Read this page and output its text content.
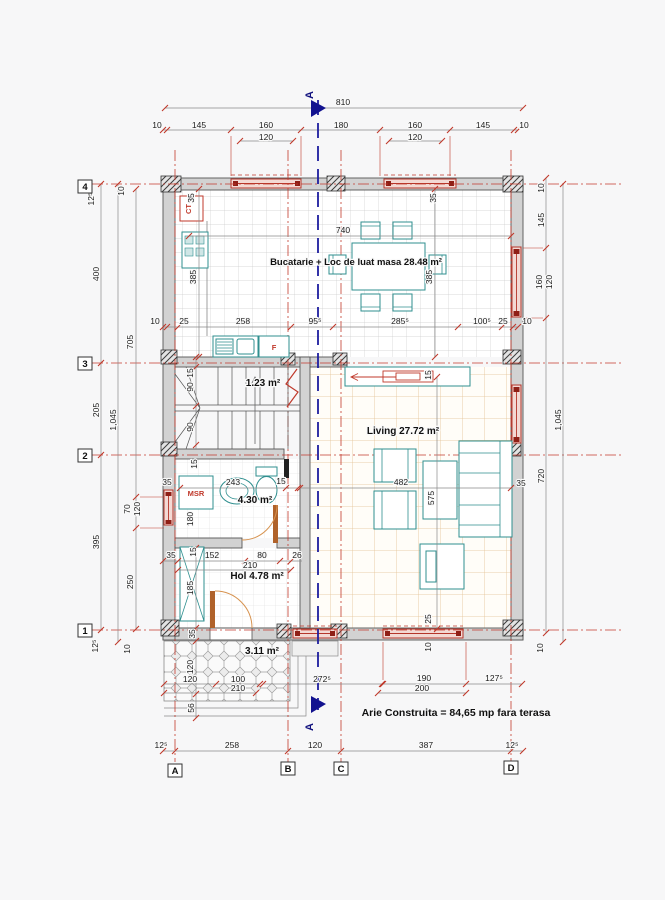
A
A
810
10	145	160	180	160	145	10
120	120
10 25	258	95⁵	285⁵	100⁵ 25 10
740
385	385
35	35
12⁵
10
400
205
395
1,045
705
70 120
250
12⁵	10
10
145
160 120
1,045
720
35
10
15
90
90
15
15
243	15
180
35
35	152	80	26
210
15
185
35
482
575
25
10
120
120	100
210
56
272⁵	190
200
127⁵
12⁵	258	120	387	12⁵
Bucatarie + Loc de luat masa 28.48 m²
Living 27.72 m²
1.23 m²
4.30 m²
Hol 4.78 m²
3.11 m²
Arie Construita = 84,65 mp fara terasa
CT
F
MSR
4
3
2
1
A	B	C	D
